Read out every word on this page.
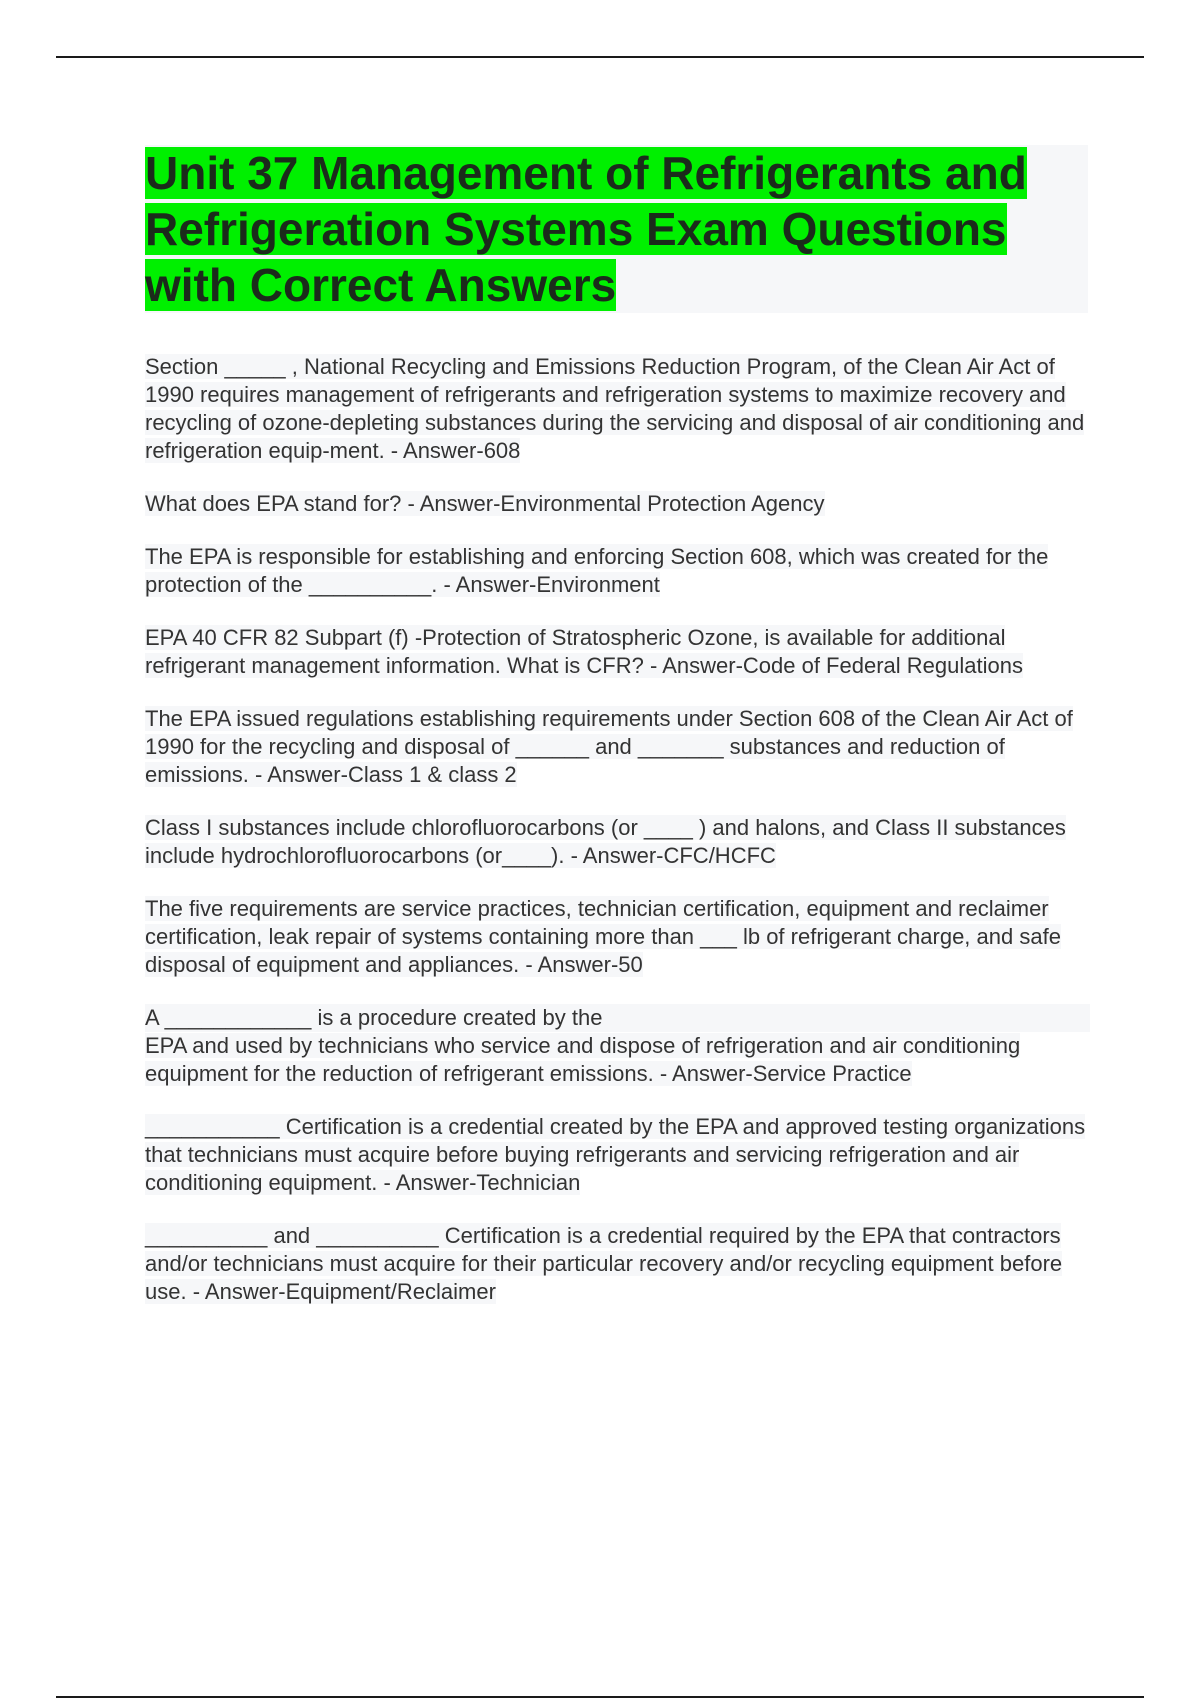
Unit 37 Management of Refrigerants and Refrigeration Systems Exam Questions with Correct Answers

Section _____ , National Recycling and Emissions Reduction Program, of the Clean Air Act of 1990 requires management of refrigerants and refrigeration systems to maximize recovery and recycling of ozone-depleting substances during the servicing and disposal of air conditioning and refrigeration equip-ment. - Answer-608

What does EPA stand for? - Answer-Environmental Protection Agency

The EPA is responsible for establishing and enforcing Section 608, which was created for the protection of the __________. - Answer-Environment

EPA 40 CFR 82 Subpart (f) -Protection of Stratospheric Ozone, is available for additional refrigerant management information. What is CFR? - Answer-Code of Federal Regulations

The EPA issued regulations establishing requirements under Section 608 of the Clean Air Act of 1990 for the recycling and disposal of ______ and _______ substances and reduction of emissions. - Answer-Class 1 & class 2

Class I substances include chlorofluorocarbons (or ____ ) and halons, and Class II substances include hydrochlorofluorocarbons (or____). - Answer-CFC/HCFC

The five requirements are service practices, technician certification, equipment and reclaimer certification, leak repair of systems containing more than ___ lb of refrigerant charge, and safe disposal of equipment and appliances. - Answer-50

A ____________ is a procedure created by the
EPA and used by technicians who service and dispose of refrigeration and air conditioning equipment for the reduction of refrigerant emissions. - Answer-Service Practice

___________ Certification is a credential created by the EPA and approved testing organizations that technicians must acquire before buying refrigerants and servicing refrigeration and air conditioning equipment. - Answer-Technician

__________ and __________ Certification is a credential required by the EPA that contractors and/or technicians must acquire for their particular recovery and/or recycling equipment before use. - Answer-Equipment/Reclaimer
